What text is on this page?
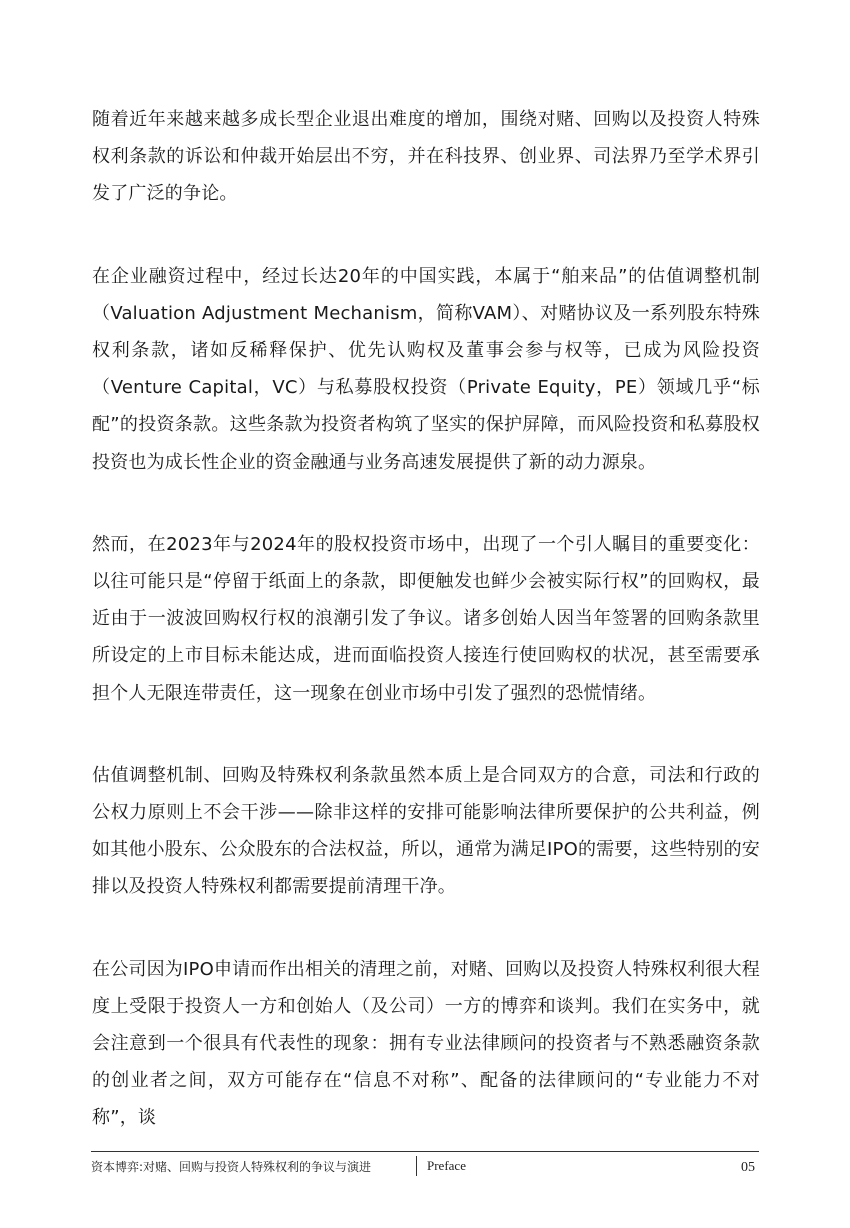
随着近年来越来越多成长型企业退出难度的增加，围绕对赌、回购以及投资人特殊权利条款的诉讼和仲裁开始层出不穷，并在科技界、创业界、司法界乃至学术界引发了广泛的争论。

在企业融资过程中，经过长达20年的中国实践，本属于“舶来品”的估值调整机制（Valuation Adjustment Mechanism，简称VAM）、对赌协议及一系列股东特殊权利条款，诸如反稀释保护、优先认购权及董事会参与权等，已成为风险投资（Venture Capital，VC）与私募股权投资（Private Equity，PE）领域几乎“标配”的投资条款。这些条款为投资者构筑了坚实的保护屏障，而风险投资和私募股权投资也为成长性企业的资金融通与业务高速发展提供了新的动力源泉。

然而，在2023年与2024年的股权投资市场中，出现了一个引人瞩目的重要变化：以往可能只是“停留于纸面上的条款，即便触发也鲜少会被实际行权”的回购权，最近由于一波波回购权行权的浪潮引发了争议。诸多创始人因当年签署的回购条款里所设定的上市目标未能达成，进而面临投资人接连行使回购权的状况，甚至需要承担个人无限连带责任，这一现象在创业市场中引发了强烈的恐慌情绪。

估值调整机制、回购及特殊权利条款虽然本质上是合同双方的合意，司法和行政的公权力原则上不会干涉——除非这样的安排可能影响法律所要保护的公共利益，例如其他小股东、公众股东的合法权益，所以，通常为满足IPO的需要，这些特别的安排以及投资人特殊权利都需要提前清理干净。

在公司因为IPO申请而作出相关的清理之前，对赌、回购以及投资人特殊权利很大程度上受限于投资人一方和创始人（及公司）一方的博弈和谈判。我们在实务中，就会注意到一个很具有代表性的现象：拥有专业法律顾问的投资者与不熟悉融资条款的创业者之间，双方可能存在“信息不对称”、配备的法律顾问的“专业能力不对称”，谈

资本博弈:对赌、回购与投资人特殊权利的争议与演进	Preface	05
